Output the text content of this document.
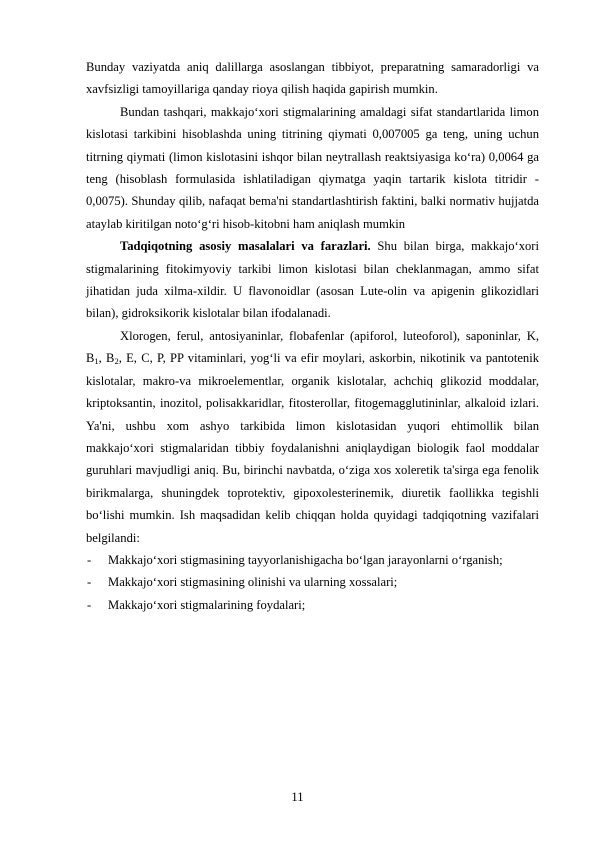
Bunday vaziyatda aniq dalillarga asoslangan tibbiyot, preparatning samaradorligi va xavfsizligi tamoyillariga qanday rioya qilish haqida gapirish mumkin.

Bundan tashqari, makkajo‘xori stigmalarining amaldagi sifat standartlarida limon kislotasi tarkibini hisoblashda uning titrining qiymati 0,007005 ga teng, uning uchun titrning qiymati (limon kislotasini ishqor bilan neytrallash reaktsiyasiga ko‘ra) 0,0064 ga teng (hisoblash formulasida ishlatiladigan qiymatga yaqin tartarik kislota titridir - 0,0075). Shunday qilib, nafaqat bema'ni standartlashtirish faktini, balki normativ hujjatda ataylab kiritilgan noto‘g‘ri hisob-kitobni ham aniqlash mumkin

Tadqiqotning asosiy masalalari va farazlari. Shu bilan birga, makkajo‘xori stigmalarining fitokimyoviy tarkibi limon kislotasi bilan cheklanmagan, ammo sifat jihatidan juda xilma-xildir. U flavonoidlar (asosan Lute-olin va apigenin glikozidlari bilan), gidroksikorik kislotalar bilan ifodalanadi.

Xlorogen, ferul, antosiyaninlar, flobafenlar (apiforol, luteoforol), saponinlar, K, $B_1$, $B_2$, E, C, P, PP vitaminlari, yog‘li va efir moylari, askorbin, nikotinik va pantotenik kislotalar, makro-va mikroelementlar, organik kislotalar, achchiq glikozid moddalar, kriptoksantin, inozitol, polisakkaridlar, fitosterollar, fitogemagglutininlar, alkaloid izlari. Ya'ni, ushbu xom ashyo tarkibida limon kislotasidan yuqori ehtimollik bilan makkajo‘xori stigmalaridan tibbiy foydalanishni aniqlaydigan biologik faol moddalar guruhlari mavjudligi aniq. Bu, birinchi navbatda, o‘ziga xos xoleretik ta'sirga ega fenolik birikmalarga, shuningdek toprotektiv, gipoxolesterinemik, diuretik faollikka tegishli bo‘lishi mumkin. Ish maqsadidan kelib chiqqan holda quyidagi tadqiqotning vazifalari belgilandi:

- Makkajo‘xori stigmasining tayyorlanishigacha bo‘lgan jarayonlarni o‘rganish;
- Makkajo‘xori stigmasining olinishi va ularning xossalari;
- Makkajo‘xori stigmalarining foydalari;
11
